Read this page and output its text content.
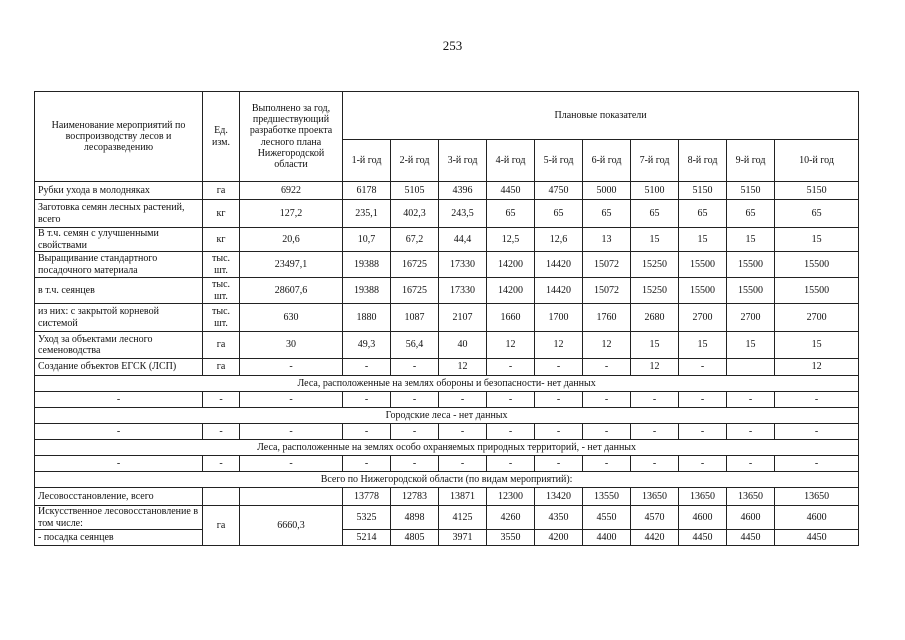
253
Наименование мероприятий по воспроизводству лесов и лесоразведению	Ед. изм.	Выполнено за год, предшествующий разработке проекта лесного плана Нижегородской области	Плановые показатели									
			1-й год	2-й год	3-й год	4-й год	5-й год	6-й год	7-й год	8-й год	9-й год	10-й год
Рубки ухода в молодняках	га	6922	6178	5105	4396	4450	4750	5000	5100	5150	5150	5150
Заготовка семян лесных растений, всего	кг	127,2	235,1	402,3	243,5	65	65	65	65	65	65	65
В т.ч. семян с улучшенными свойствами	кг	20,6	10,7	67,2	44,4	12,5	12,6	13	15	15	15	15
Выращивание стандартного посадочного материала	тыс. шт.	23497,1	19388	16725	17330	14200	14420	15072	15250	15500	15500	15500
в т.ч. сеянцев	тыс. шт.	28607,6	19388	16725	17330	14200	14420	15072	15250	15500	15500	15500
из них: с закрытой корневой системой	тыс. шт.	630	1880	1087	2107	1660	1700	1760	2680	2700	2700	2700
Уход за объектами лесного семеноводства	га	30	49,3	56,4	40	12	12	12	15	15	15	15
Создание объектов ЕГСК (ЛСП)	га	-	-	-	12	-	-	-	12	-		12
Леса, расположенные на землях обороны и безопасности- нет данных												
-	-	-	-	-	-	-	-	-	-	-	-	-
Городские леса - нет данных												
-	-	-	-	-	-	-	-	-	-	-	-	-
Леса, расположенные на землях особо охраняемых природных территорий, - нет данных												
-	-	-	-	-	-	-	-	-	-	-	-	-
Всего по Нижегородской области (по видам мероприятий):												
Лесовосстановление, всего			13778	12783	13871	12300	13420	13550	13650	13650	13650	13650
Искусственное лесовосстановление в том числе:	га	6660,3	5325	4898	4125	4260	4350	4550	4570	4600	4600	4600
- посадка сеянцев			5214	4805	3971	3550	4200	4400	4420	4450	4450	4450
